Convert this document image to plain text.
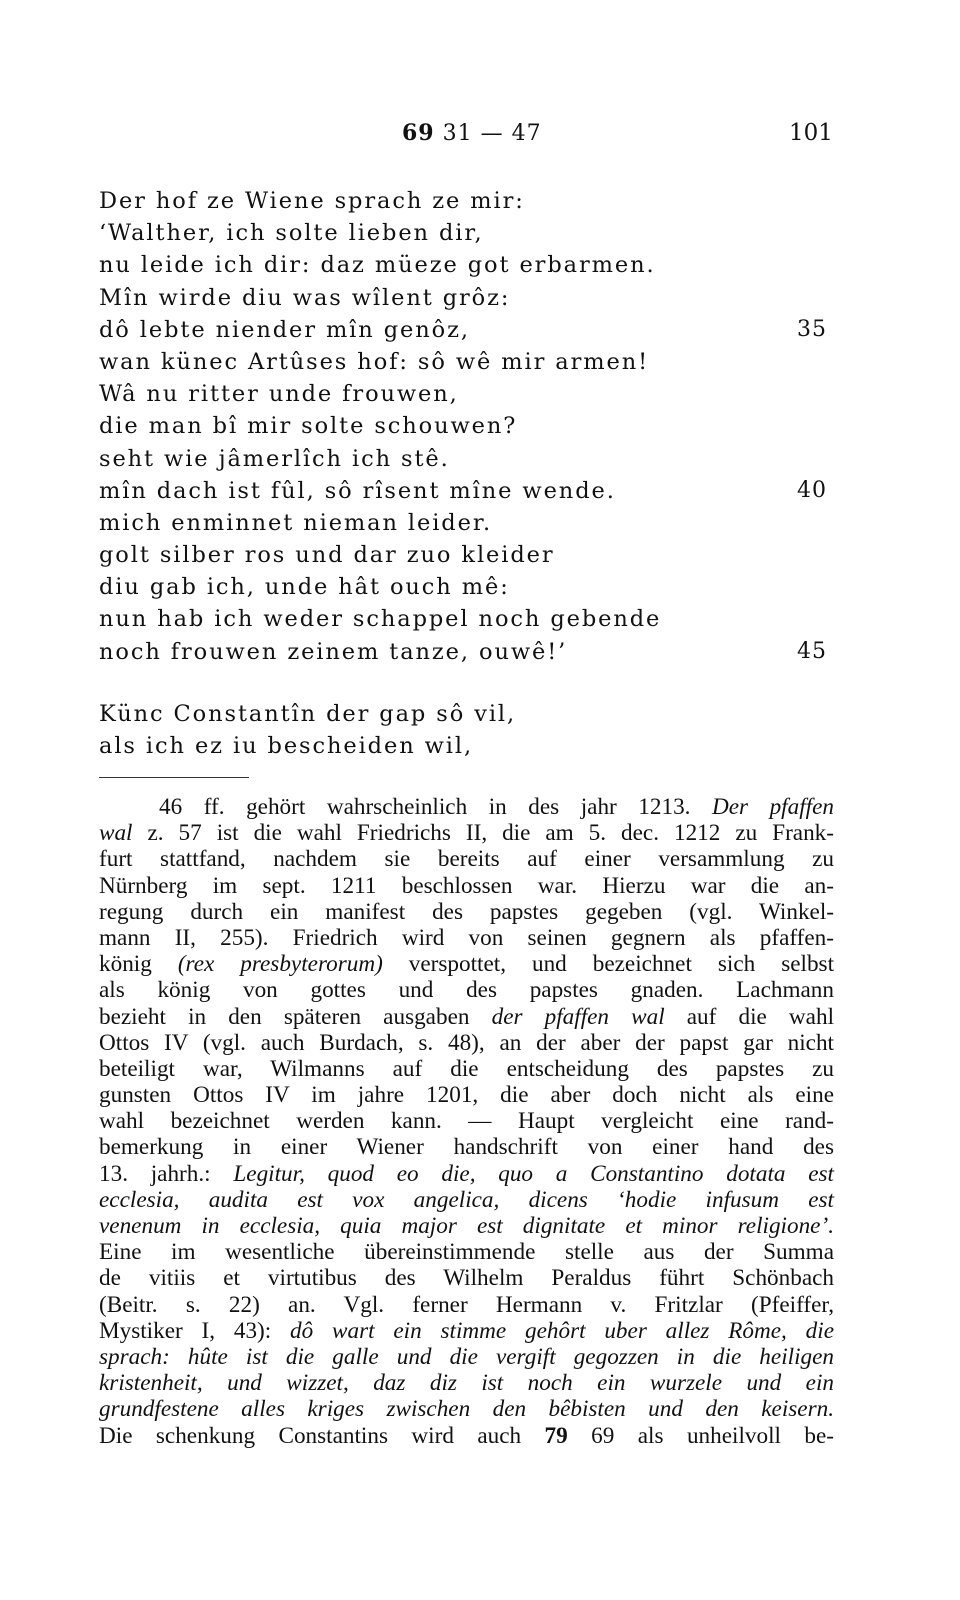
69 31 — 47	101
Der hof ze Wiene sprach ze mir:
‘Walther, ich solte lieben dir,
nu leide ich dir: daz müeze got erbarmen.
Mîn wirde diu was wîlent grôz:
dô lebte niender mîn genôz,	35
wan künec Artûses hof: sô wê mir armen!
Wâ nu ritter unde frouwen,
die man bî mir solte schouwen?
seht wie jâmerlîch ich stê.
mîn dach ist fûl, sô rîsent mîne wende.	40
mich enminnet nieman leider.
golt silber ros und dar zuo kleider
diu gab ich, unde hât ouch mê:
nun hab ich weder schappel noch gebende
noch frouwen zeinem tanze, ouwê!’	45
Künc Constantîn der gap sô vil,
als ich ez iu bescheiden wil,
46 ff. gehört wahrscheinlich in des jahr 1213. Der pfaffen
wal z. 57 ist die wahl Friedrichs II, die am 5. dec. 1212 zu Frank-
furt stattfand, nachdem sie bereits auf einer versammlung zu
Nürnberg im sept. 1211 beschlossen war. Hierzu war die an-
regung durch ein manifest des papstes gegeben (vgl. Winkel-
mann II, 255). Friedrich wird von seinen gegnern als pfaffen-
könig (rex presbyterorum) verspottet, und bezeichnet sich selbst
als könig von gottes und des papstes gnaden. Lachmann
bezieht in den späteren ausgaben der pfaffen wal auf die wahl
Ottos IV (vgl. auch Burdach, s. 48), an der aber der papst gar nicht
beteiligt war, Wilmanns auf die entscheidung des papstes zu
gunsten Ottos IV im jahre 1201, die aber doch nicht als eine
wahl bezeichnet werden kann. — Haupt vergleicht eine rand-
bemerkung in einer Wiener handschrift von einer hand des
13. jahrh.: Legitur, quod eo die, quo a Constantino dotata est
ecclesia, audita est vox angelica, dicens ‘hodie infusum est
venenum in ecclesia, quia major est dignitate et minor religione’.
Eine im wesentliche übereinstimmende stelle aus der Summa
de vitiis et virtutibus des Wilhelm Peraldus führt Schönbach
(Beitr. s. 22) an. Vgl. ferner Hermann v. Fritzlar (Pfeiffer,
Mystiker I, 43): dô wart ein stimme gehôrt uber allez Rôme, die
sprach: hûte ist die galle und die vergift gegozzen in die heiligen
kristenheit, und wizzet, daz diz ist noch ein wurzele und ein
grundfestene alles kriges zwischen den bêbisten und den keisern.
Die schenkung Constantins wird auch 79 69 als unheilvoll be-
